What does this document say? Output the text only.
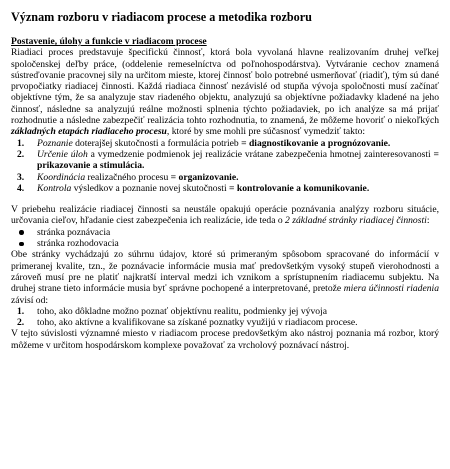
Význam rozboru v riadiacom procese a metodika rozboru
Postavenie, úlohy a funkcie v riadiacom procese

Riadiaci proces predstavuje špecifickú činnosť, ktorá bola vyvolaná hlavne realizovaním druhej veľkej spoločenskej deľby práce, (oddelenie remeselníctva od poľnohospodárstva). Vytváranie cechov znamená sústreďovanie pracovnej sily na určitom mieste, ktorej činnosť bolo potrebné usmerňovať (riadiť), tým sú dané prvopočiatky riadiacej činnosti. Každá riadiaca činnosť nezávislé od stupňa vývoja spoločnosti musí začínať objektívne tým, že sa analyzuje stav riadeného objektu, analyzujú sa objektívne požiadavky kladené na jeho činnosť, následne sa analyzujú reálne možnosti splnenia týchto požiadaviek, po ich analýze sa má prijať rozhodnutie a následne zabezpečiť realizácia tohto rozhodnutia, to znamená, že môžeme hovoriť o niekoľkých základných etapách riadiaceho procesu, ktoré by sme mohli pre súčasnosť vymedziť takto:

1. Poznanie doterajšej skutočnosti a formulácia potrieb = diagnostikovanie a prognózovanie.
2. Určenie úloh a vymedzenie podmienok jej realizácie vrátane zabezpečenia hmotnej zainteresovanosti = prikazovanie a stimulácia.
3. Koordinácia realizačného procesu = organizovanie.
4. Kontrola výsledkov a poznanie novej skutočnosti = kontrolovanie a komunikovanie.

V priebehu realizácie riadiacej činnosti sa neustále opakujú operácie poznávania analýzy rozboru situácie, určovania cieľov, hľadanie ciest zabezpečenia ich realizácie, ide teda o 2 základné stránky riadiacej činnosti:

stránka poznávacia
stránka rozhodovacia

Obe stránky vychádzajú zo súhrnu údajov, ktoré sú primeraným spôsobom spracované do informácií v primeranej kvalite, tzn., že poznávacie informácie musia mať predovšetkým vysoký stupeň vierohodnosti a zároveň musí pre ne platiť najkratší interval medzi ich vznikom a sprístupnením riadiacemu subjektu. Na druhej strane tieto informácie musia byť správne pochopené a interpretované, pretože miera účinnosti riadenia závisí od:

1. toho, ako dôkladne možno poznať objektívnu realitu, podmienky jej vývoja
2. toho, ako aktívne a kvalifikovane sa získané poznatky využijú v riadiacom procese.

V tejto súvislosti významné miesto v riadiacom procese predovšetkým ako nástroj poznania má rozbor, ktorý môžeme v určitom hospodárskom komplexe považovať za vrcholový poznávací nástroj.
